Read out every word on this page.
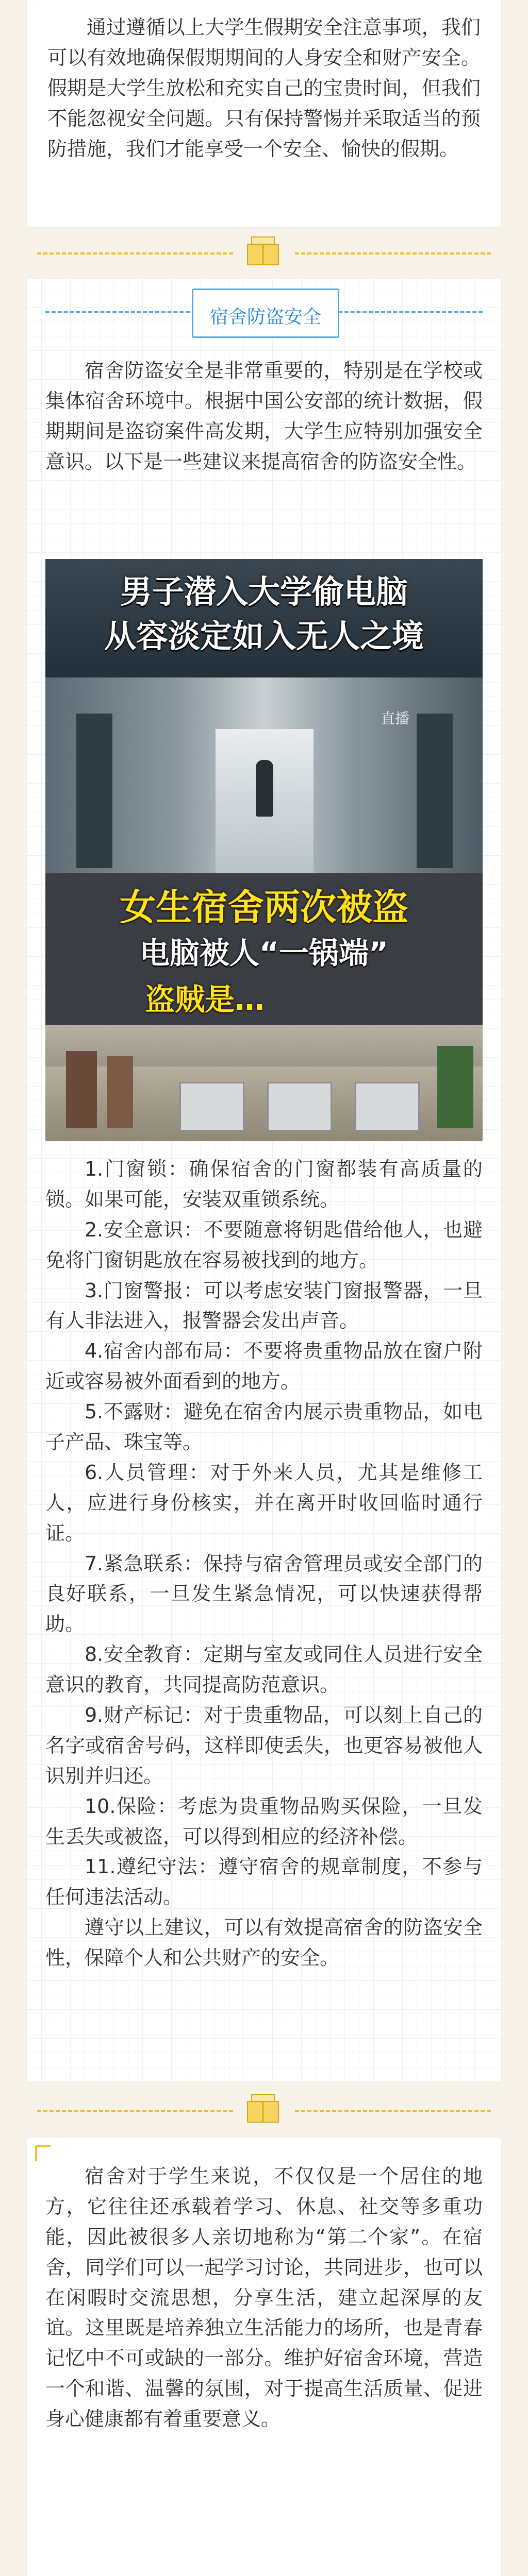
通过遵循以上大学生假期安全注意事项，我们可以有效地确保假期期间的人身安全和财产安全。假期是大学生放松和充实自己的宝贵时间，但我们不能忽视安全问题。只有保持警惕并采取适当的预防措施，我们才能享受一个安全、愉快的假期。

宿舍防盗安全

宿舍防盗安全是非常重要的，特别是在学校或集体宿舍环境中。根据中国公安部的统计数据，假期期间是盗窃案件高发期，大学生应特别加强安全意识。以下是一些建议来提高宿舍的防盗安全性。

男子潜入大学偷电脑
从容淡定如入无人之境
直播
女生宿舍两次被盗
电脑被人“一锅端”
盗贼是…

1.门窗锁：确保宿舍的门窗都装有高质量的锁。如果可能，安装双重锁系统。

2.安全意识：不要随意将钥匙借给他人，也避免将门窗钥匙放在容易被找到的地方。

3.门窗警报：可以考虑安装门窗报警器，一旦有人非法进入，报警器会发出声音。

4.宿舍内部布局：不要将贵重物品放在窗户附近或容易被外面看到的地方。

5.不露财：避免在宿舍内展示贵重物品，如电子产品、珠宝等。

6.人员管理：对于外来人员，尤其是维修工人，应进行身份核实，并在离开时收回临时通行证。

7.紧急联系：保持与宿舍管理员或安全部门的良好联系，一旦发生紧急情况，可以快速获得帮助。

8.安全教育：定期与室友或同住人员进行安全意识的教育，共同提高防范意识。

9.财产标记：对于贵重物品，可以刻上自己的名字或宿舍号码，这样即使丢失，也更容易被他人识别并归还。

10.保险：考虑为贵重物品购买保险，一旦发生丢失或被盗，可以得到相应的经济补偿。

11.遵纪守法：遵守宿舍的规章制度，不参与任何违法活动。

遵守以上建议，可以有效提高宿舍的防盗安全性，保障个人和公共财产的安全。

宿舍对于学生来说，不仅仅是一个居住的地方，它往往还承载着学习、休息、社交等多重功能，因此被很多人亲切地称为“第二个家”。在宿舍，同学们可以一起学习讨论，共同进步，也可以在闲暇时交流思想，分享生活，建立起深厚的友谊。这里既是培养独立生活能力的场所，也是青春记忆中不可或缺的一部分。维护好宿舍环境，营造一个和谐、温馨的氛围，对于提高生活质量、促进身心健康都有着重要意义。
